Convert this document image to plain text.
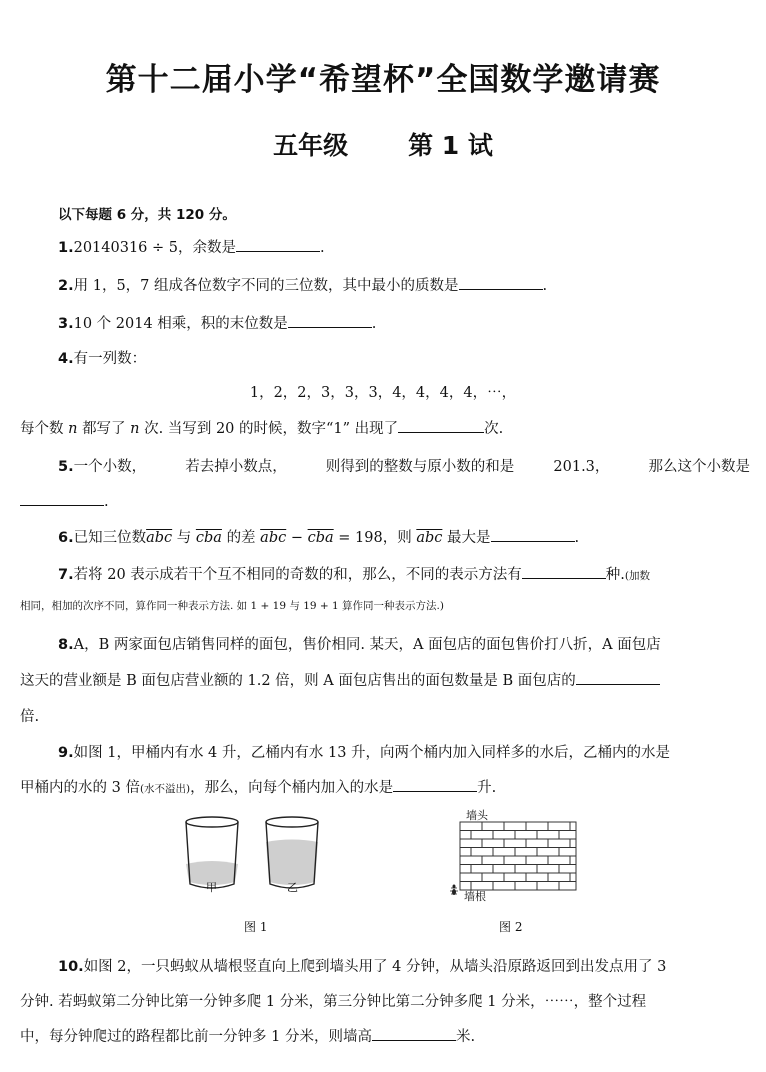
第十二届小学“希望杯”全国数学邀请赛
五年级 第 1 试
以下每题 6 分，共 120 分。
1.20140316 ÷ 5，余数是	.
2.用 1，5，7 组成各位数字不同的三位数，其中最小的质数是	.
3.10 个 2014 相乘，积的末位数是	.
4.有一列数：
1，2，2，3，3，3，4，4，4，4，⋯，
每个数 n 都写了 n 次. 当写到 20 的时候，数字“1” 出现了	次.
5.一个小数，	若去掉小数点，	则得到的整数与原小数的和是	201.3，	那么这个小数是
.
6.已知三位数$\overline{abc}$ 与 $\overline{cba}$ 的差 $\overline{abc} - \overline{cba} = 198$，则 $\overline{abc}$ 最大是	.
7.若将 20 表示成若干个互不相同的奇数的和，那么，不同的表示方法有	种.(加数
相同，相加的次序不同，算作同一种表示方法. 如 1 + 19 与 19 + 1 算作同一种表示方法.)
8.A，B 两家面包店销售同样的面包，售价相同. 某天，A 面包店的面包售价打八折，A 面包店
这天的营业额是 B 面包店营业额的 1.2 倍，则 A 面包店售出的面包数量是 B 面包店的
倍.
9.如图 1，甲桶内有水 4 升，乙桶内有水 13 升，向两个桶内加入同样多的水后，乙桶内的水是
甲桶内的水的 3 倍(水不溢出)，那么，向每个桶内加入的水是	升.
甲	乙
图 1
墙头
墙根
图 2
10.如图 2，一只蚂蚁从墙根竖直向上爬到墙头用了 4 分钟，从墙头沿原路返回到出发点用了 3
分钟. 若蚂蚁第二分钟比第一分钟多爬 1 分米，第三分钟比第二分钟多爬 1 分米，⋯⋯，整个过程
中，每分钟爬过的路程都比前一分钟多 1 分米，则墙高	米.
